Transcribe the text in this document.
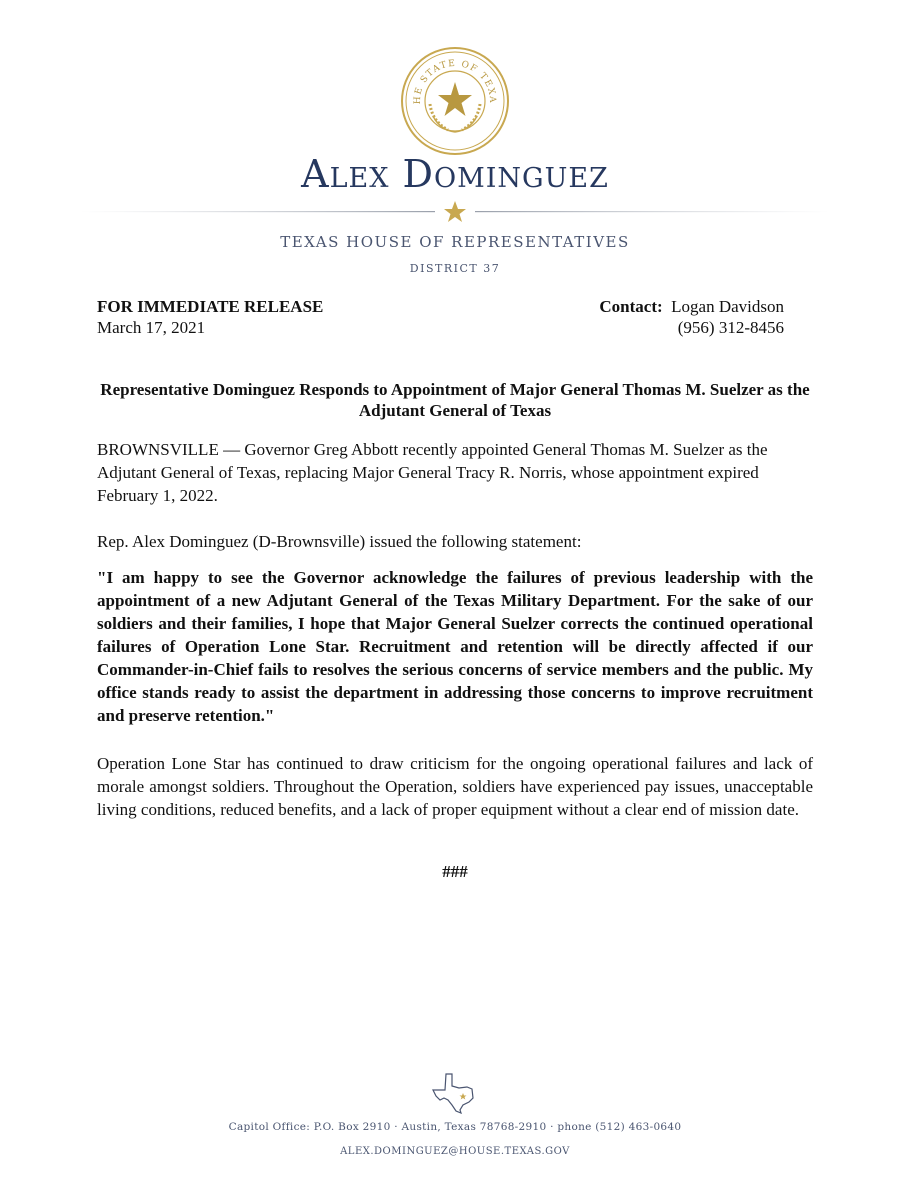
HE STATE OF TEXA
Alex Dominguez
TEXAS HOUSE OF REPRESENTATIVES
DISTRICT 37
FOR IMMEDIATE RELEASE
March 17, 2021
Contact: Logan Davidson
(956) 312-8456
Representative Dominguez Responds to Appointment of Major General Thomas M. Suelzer as the Adjutant General of Texas
BROWNSVILLE — Governor Greg Abbott recently appointed General Thomas M. Suelzer as the Adjutant General of Texas, replacing Major General Tracy R. Norris, whose appointment expired February 1, 2022.
Rep. Alex Dominguez (D-Brownsville) issued the following statement:
"I am happy to see the Governor acknowledge the failures of previous leadership with the appointment of a new Adjutant General of the Texas Military Department. For the sake of our soldiers and their families, I hope that Major General Suelzer corrects the continued operational failures of Operation Lone Star. Recruitment and retention will be directly affected if our Commander-in-Chief fails to resolves the serious concerns of service members and the public. My office stands ready to assist the department in addressing those concerns to improve recruitment and preserve retention."
Operation Lone Star has continued to draw criticism for the ongoing operational failures and lack of morale amongst soldiers. Throughout the Operation, soldiers have experienced pay issues, unacceptable living conditions, reduced benefits, and a lack of proper equipment without a clear end of mission date.
###
Capitol Office: P.O. Box 2910 · Austin, Texas 78768-2910 · phone (512) 463-0640
ALEX.DOMINGUEZ@HOUSE.TEXAS.GOV
